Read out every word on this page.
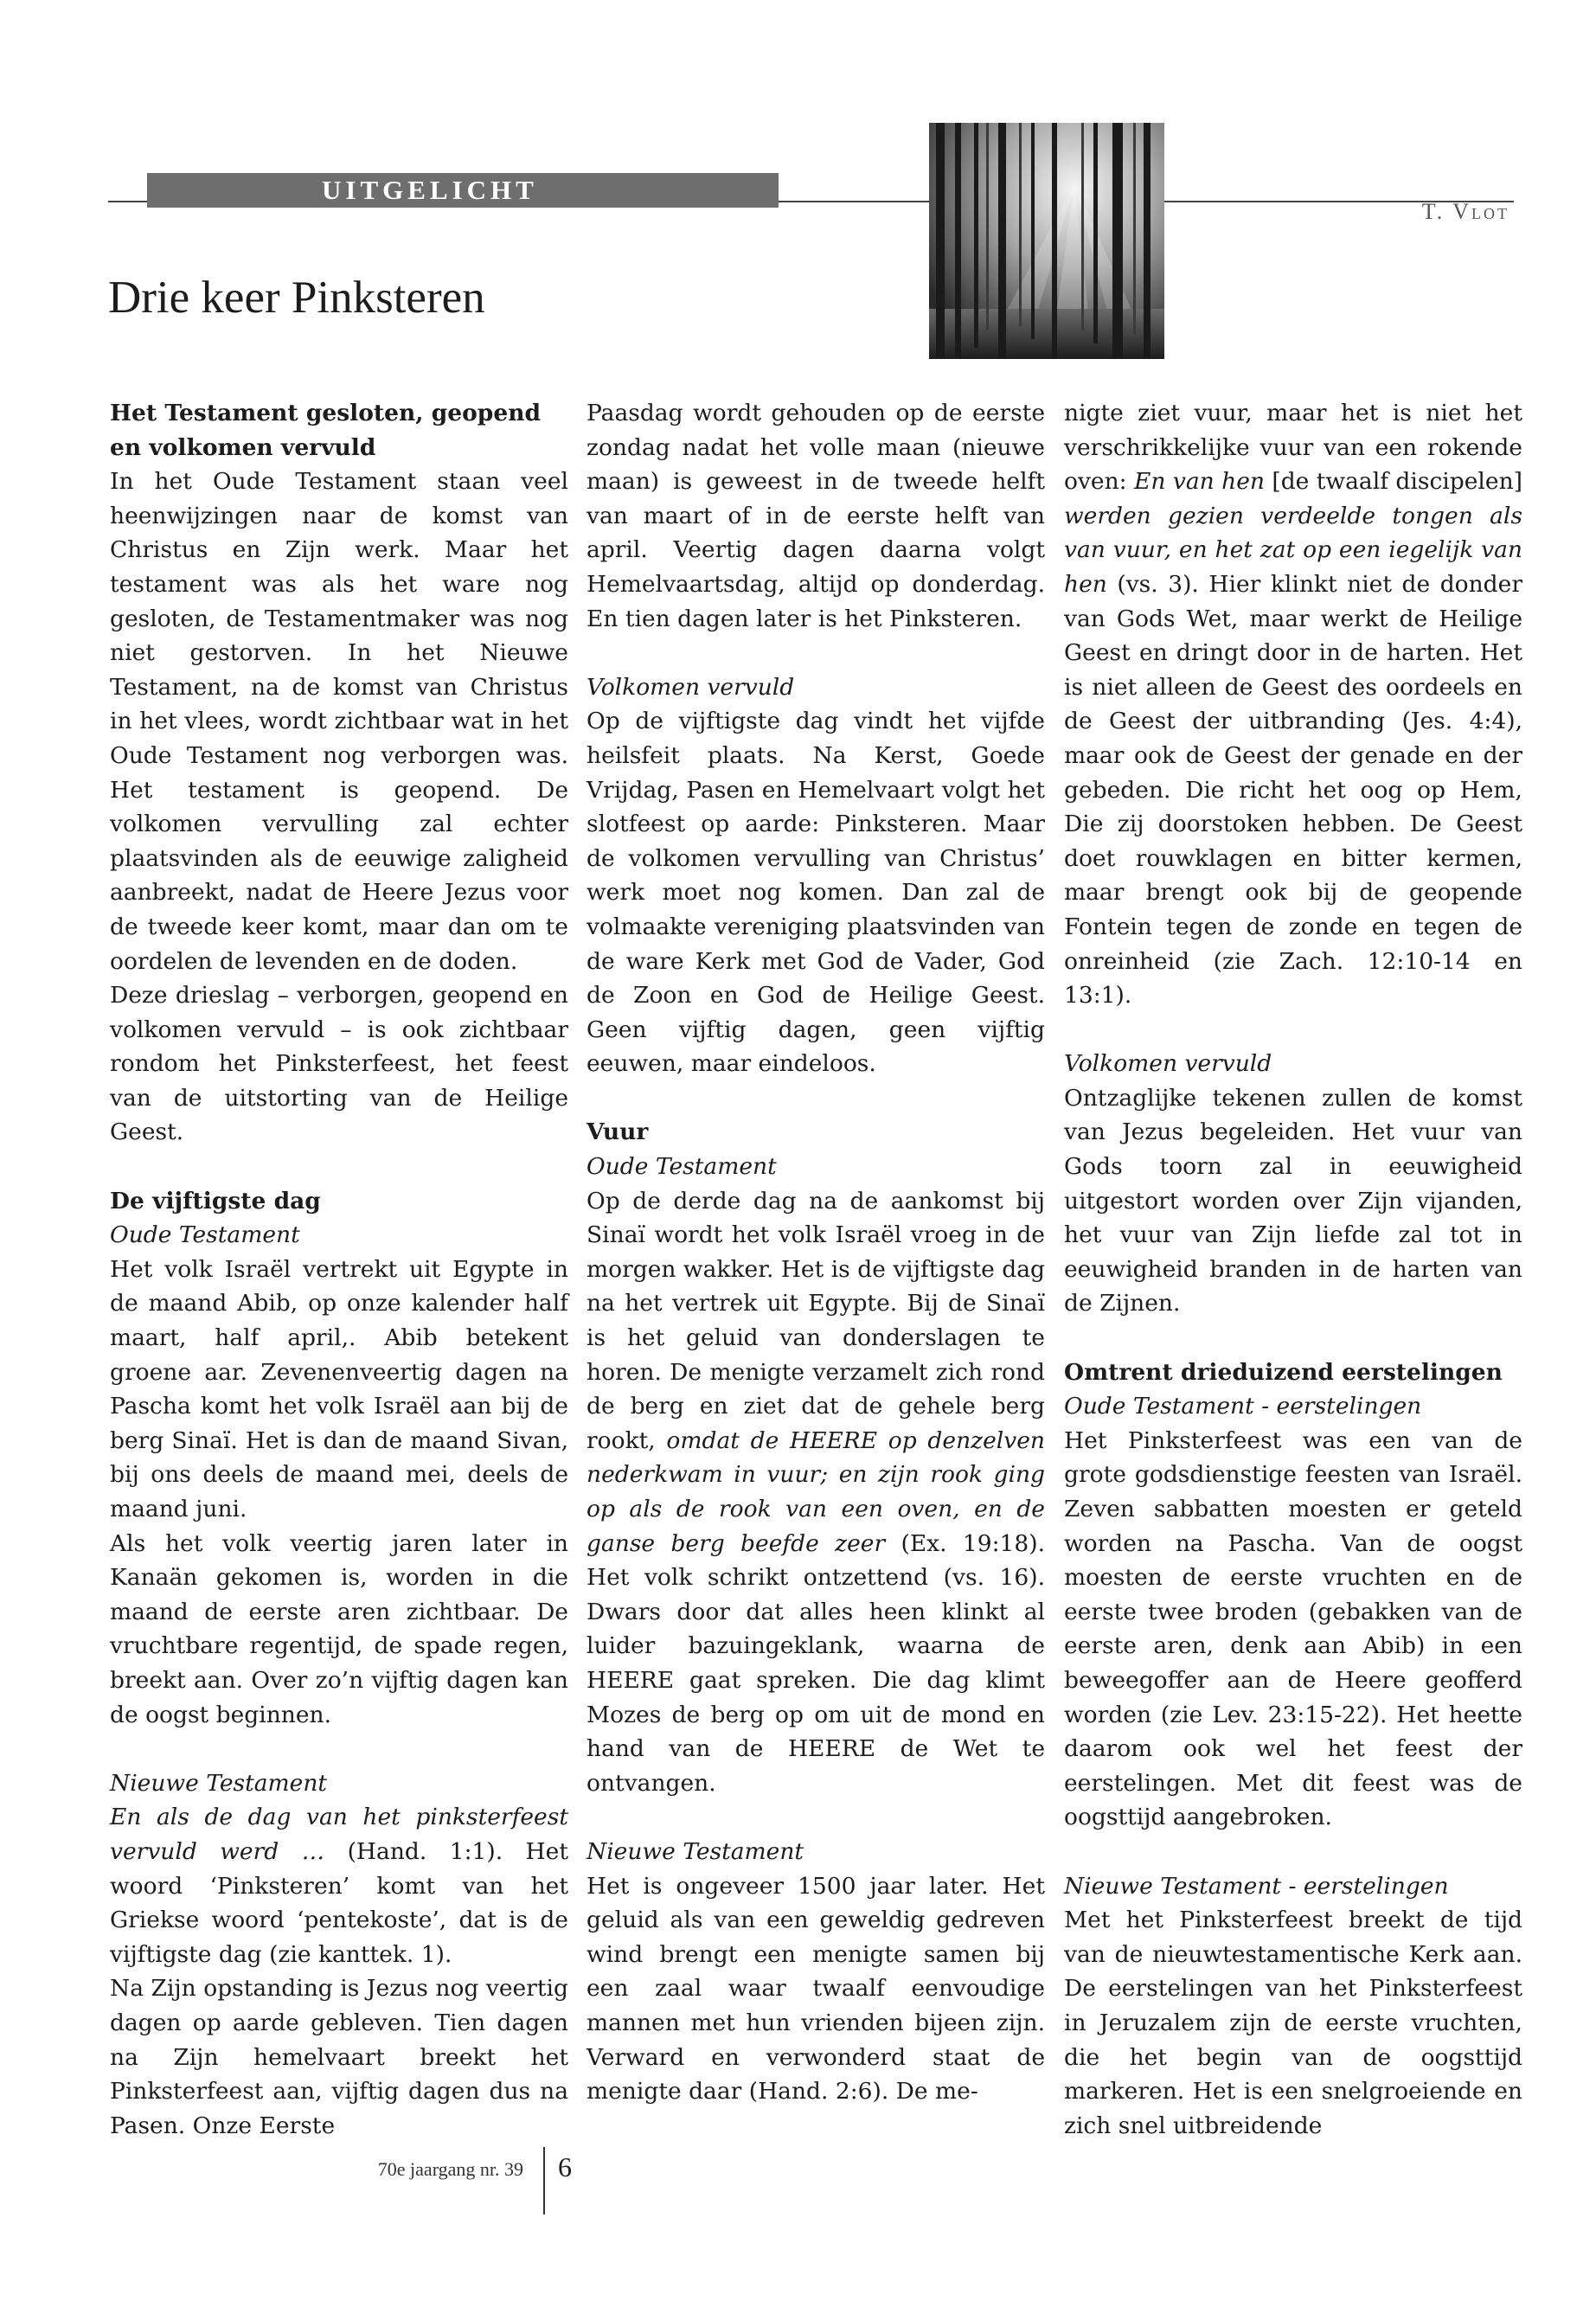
UITGELICHT
T. Vlot
Drie keer Pinksteren

Het Testament gesloten, geopend en volkomen vervuld

In het Oude Testament staan veel heenwijzingen naar de komst van Christus en Zijn werk. Maar het testament was als het ware nog gesloten, de Testamentmaker was nog niet gestorven. In het Nieuwe Testament, na de komst van Christus in het vlees, wordt zichtbaar wat in het Oude Testament nog verborgen was. Het testament is geopend. De volkomen vervulling zal echter plaatsvinden als de eeuwige zaligheid aanbreekt, nadat de Heere Jezus voor de tweede keer komt, maar dan om te oordelen de levenden en de doden.

Deze drieslag – verborgen, geopend en volkomen vervuld – is ook zichtbaar rondom het Pinksterfeest, het feest van de uitstorting van de Heilige Geest.

De vijftigste dag

Oude Testament

Het volk Israël vertrekt uit Egypte in de maand Abib, op onze kalender half maart, half april,. Abib betekent groene aar. Zevenenveertig dagen na Pascha komt het volk Israël aan bij de berg Sinaï. Het is dan de maand Sivan, bij ons deels de maand mei, deels de maand juni.

Als het volk veertig jaren later in Kanaän gekomen is, worden in die maand de eerste aren zichtbaar. De vruchtbare regentijd, de spade regen, breekt aan. Over zo’n vijftig dagen kan de oogst beginnen.

Nieuwe Testament

En als de dag van het pinksterfeest vervuld werd … (Hand. 1:1). Het woord ‘Pinksteren’ komt van het Griekse woord ‘pentekoste’, dat is de vijftigste dag (zie kanttek. 1).

Na Zijn opstanding is Jezus nog veertig dagen op aarde gebleven. Tien dagen na Zijn hemelvaart breekt het Pinksterfeest aan, vijftig dagen dus na Pasen. Onze Eerste

Paasdag wordt gehouden op de eerste zondag nadat het volle maan (nieuwe maan) is geweest in de tweede helft van maart of in de eerste helft van april. Veertig dagen daarna volgt Hemelvaartsdag, altijd op donderdag. En tien dagen later is het Pinksteren.

Volkomen vervuld

Op de vijftigste dag vindt het vijfde heilsfeit plaats. Na Kerst, Goede Vrijdag, Pasen en Hemelvaart volgt het slotfeest op aarde: Pinksteren. Maar de volkomen vervulling van Christus’ werk moet nog komen. Dan zal de volmaakte vereniging plaatsvinden van de ware Kerk met God de Vader, God de Zoon en God de Heilige Geest. Geen vijftig dagen, geen vijftig eeuwen, maar eindeloos.

Vuur

Oude Testament

Op de derde dag na de aankomst bij Sinaï wordt het volk Israël vroeg in de morgen wakker. Het is de vijftigste dag na het vertrek uit Egypte. Bij de Sinaï is het geluid van donderslagen te horen. De menigte verzamelt zich rond de berg en ziet dat de gehele berg rookt, omdat de HEERE op denzelven nederkwam in vuur; en zijn rook ging op als de rook van een oven, en de ganse berg beefde zeer (Ex. 19:18). Het volk schrikt ontzettend (vs. 16). Dwars door dat alles heen klinkt al luider bazuingeklank, waarna de HEERE gaat spreken. Die dag klimt Mozes de berg op om uit de mond en hand van de HEERE de Wet te ontvangen.

Nieuwe Testament

Het is ongeveer 1500 jaar later. Het geluid als van een geweldig gedreven wind brengt een menigte samen bij een zaal waar twaalf eenvoudige mannen met hun vrienden bijeen zijn. Verward en verwonderd staat de menigte daar (Hand. 2:6). De me-

nigte ziet vuur, maar het is niet het verschrikkelijke vuur van een rokende oven: En van hen [de twaalf discipelen] werden gezien verdeelde tongen als van vuur, en het zat op een iegelijk van hen (vs. 3). Hier klinkt niet de donder van Gods Wet, maar werkt de Heilige Geest en dringt door in de harten. Het is niet alleen de Geest des oordeels en de Geest der uitbranding (Jes. 4:4), maar ook de Geest der genade en der gebeden. Die richt het oog op Hem, Die zij doorstoken hebben. De Geest doet rouwklagen en bitter kermen, maar brengt ook bij de geopende Fontein tegen de zonde en tegen de onreinheid (zie Zach. 12:10-14 en 13:1).

Volkomen vervuld

Ontzaglijke tekenen zullen de komst van Jezus begeleiden. Het vuur van Gods toorn zal in eeuwigheid uitgestort worden over Zijn vijanden, het vuur van Zijn liefde zal tot in eeuwigheid branden in de harten van de Zijnen.

Omtrent drieduizend eerstelingen

Oude Testament - eerstelingen

Het Pinksterfeest was een van de grote godsdienstige feesten van Israël. Zeven sabbatten moesten er geteld worden na Pascha. Van de oogst moesten de eerste vruchten en de eerste twee broden (gebakken van de eerste aren, denk aan Abib) in een beweegoffer aan de Heere geofferd worden (zie Lev. 23:15-22). Het heette daarom ook wel het feest der eerstelingen. Met dit feest was de oogsttijd aangebroken.

Nieuwe Testament - eerstelingen

Met het Pinksterfeest breekt de tijd van de nieuwtestamentische Kerk aan. De eerstelingen van het Pinksterfeest in Jeruzalem zijn de eerste vruchten, die het begin van de oogsttijd markeren. Het is een snelgroeiende en zich snel uitbreidende

70e jaargang nr. 39 6
